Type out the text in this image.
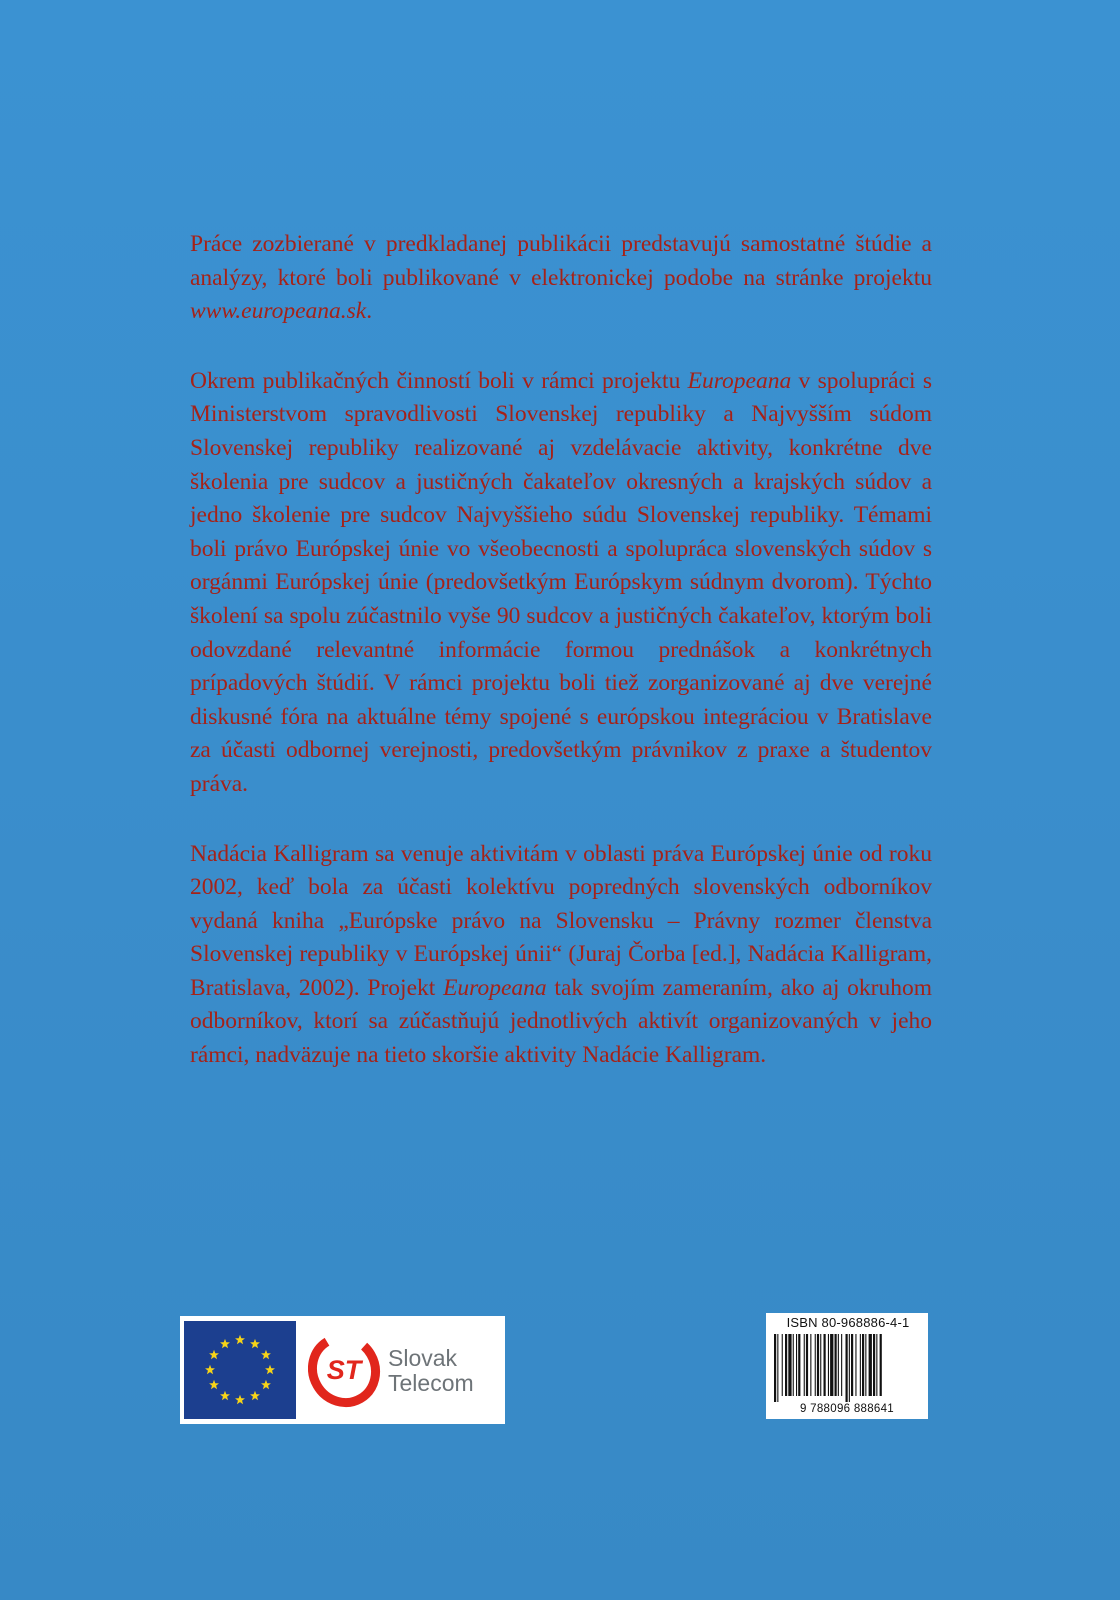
Práce zozbierané v predkladanej publikácii predstavujú samostatné štúdie a analýzy, ktoré boli publikované v elektronickej podobe na stránke projektu www.europeana.sk.

Okrem publikačných činností boli v rámci projektu Europeana v spolupráci s Ministerstvom spravodlivosti Slovenskej republiky a Najvyšším súdom Slovenskej republiky realizované aj vzdelávacie aktivity, konkrétne dve školenia pre sudcov a justičných čakateľov okresných a krajských súdov a jedno školenie pre sudcov Najvyššieho súdu Slovenskej republiky. Témami boli právo Európskej únie vo všeobecnosti a spolupráca slovenských súdov s orgánmi Európskej únie (predovšetkým Európskym súdnym dvorom). Týchto školení sa spolu zúčastnilo vyše 90 sudcov a justičných čakateľov, ktorým boli odovzdané relevantné informácie formou prednášok a konkrétnych prípadových štúdií. V rámci projektu boli tiež zorganizované aj dve verejné diskusné fóra na aktuálne témy spojené s európskou integráciou v Bratislave za účasti odbornej verejnosti, predovšetkým právnikov z praxe a študentov práva.

Nadácia Kalligram sa venuje aktivitám v oblasti práva Európskej únie od roku 2002, keď bola za účasti kolektívu popredných slovenských odborníkov vydaná kniha „Európske právo na Slovensku – Právny rozmer členstva Slovenskej republiky v Európskej únii“ (Juraj Čorba [ed.], Nadácia Kalligram, Bratislava, 2002). Projekt Europeana tak svojím zameraním, ako aj okruhom odborníkov, ktorí sa zúčastňujú jednotlivých aktivít organizovaných v jeho rámci, nadväzuje na tieto skoršie aktivity Nadácie Kalligram.

ST Slovak
Telecom
ISBN 80-968886-4-1
9 788096 888641
